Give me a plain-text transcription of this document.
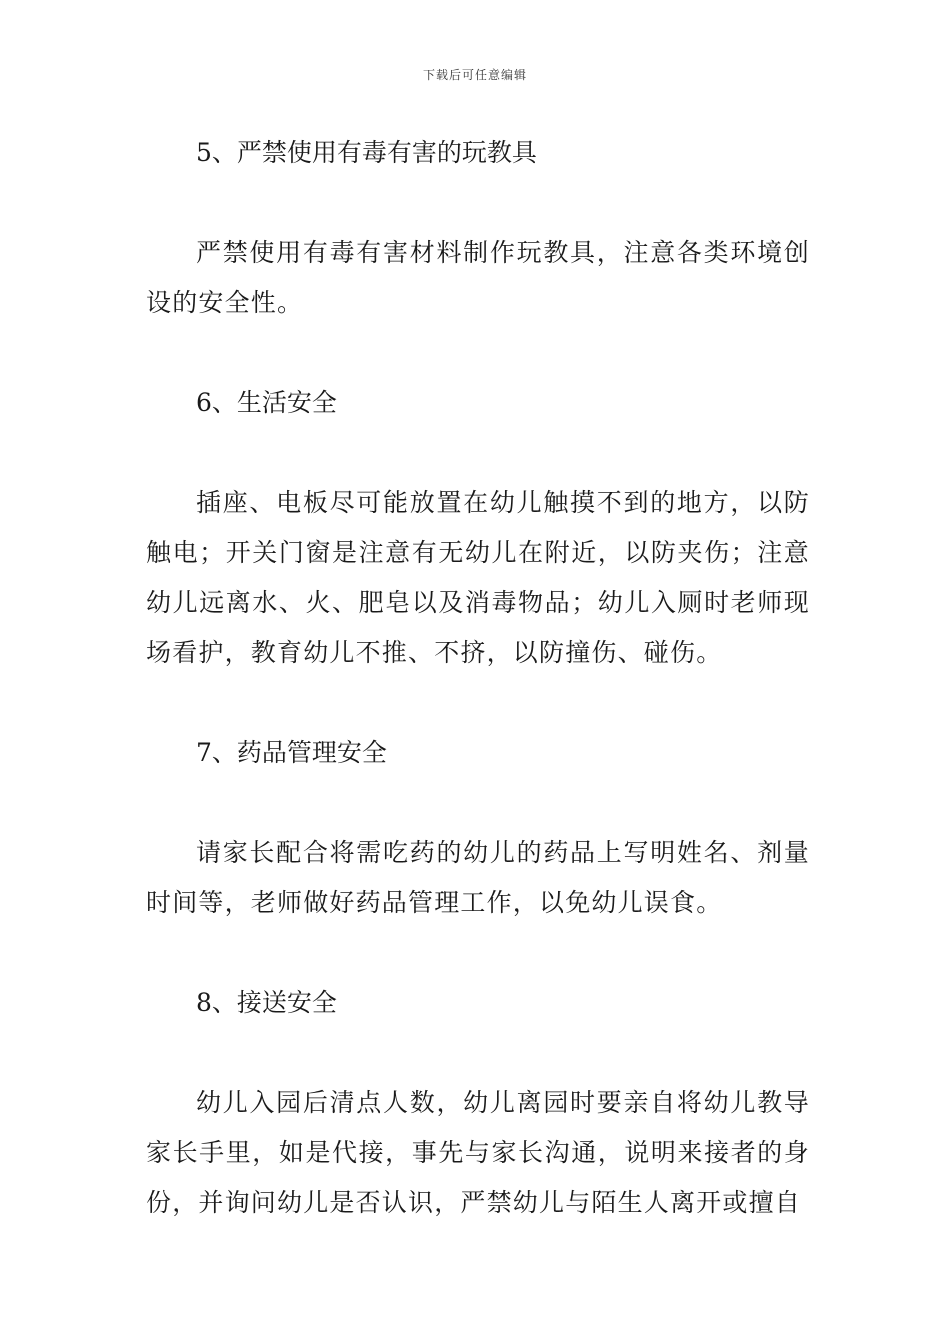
下载后可任意编辑

5、严禁使用有毒有害的玩教具

严禁使用有毒有害材料制作玩教具，注意各类环境创设的安全性。

6、生活安全

插座、电板尽可能放置在幼儿触摸不到的地方，以防触电；开关门窗是注意有无幼儿在附近，以防夹伤；注意幼儿远离水、火、肥皂以及消毒物品；幼儿入厕时老师现场看护，教育幼儿不推、不挤，以防撞伤、碰伤。

7、药品管理安全

请家长配合将需吃药的幼儿的药品上写明姓名、剂量时间等，老师做好药品管理工作，以免幼儿误食。

8、接送安全

幼儿入园后清点人数，幼儿离园时要亲自将幼儿教导家长手里，如是代接，事先与家长沟通，说明来接者的身份，并询问幼儿是否认识，严禁幼儿与陌生人离开或擅自
